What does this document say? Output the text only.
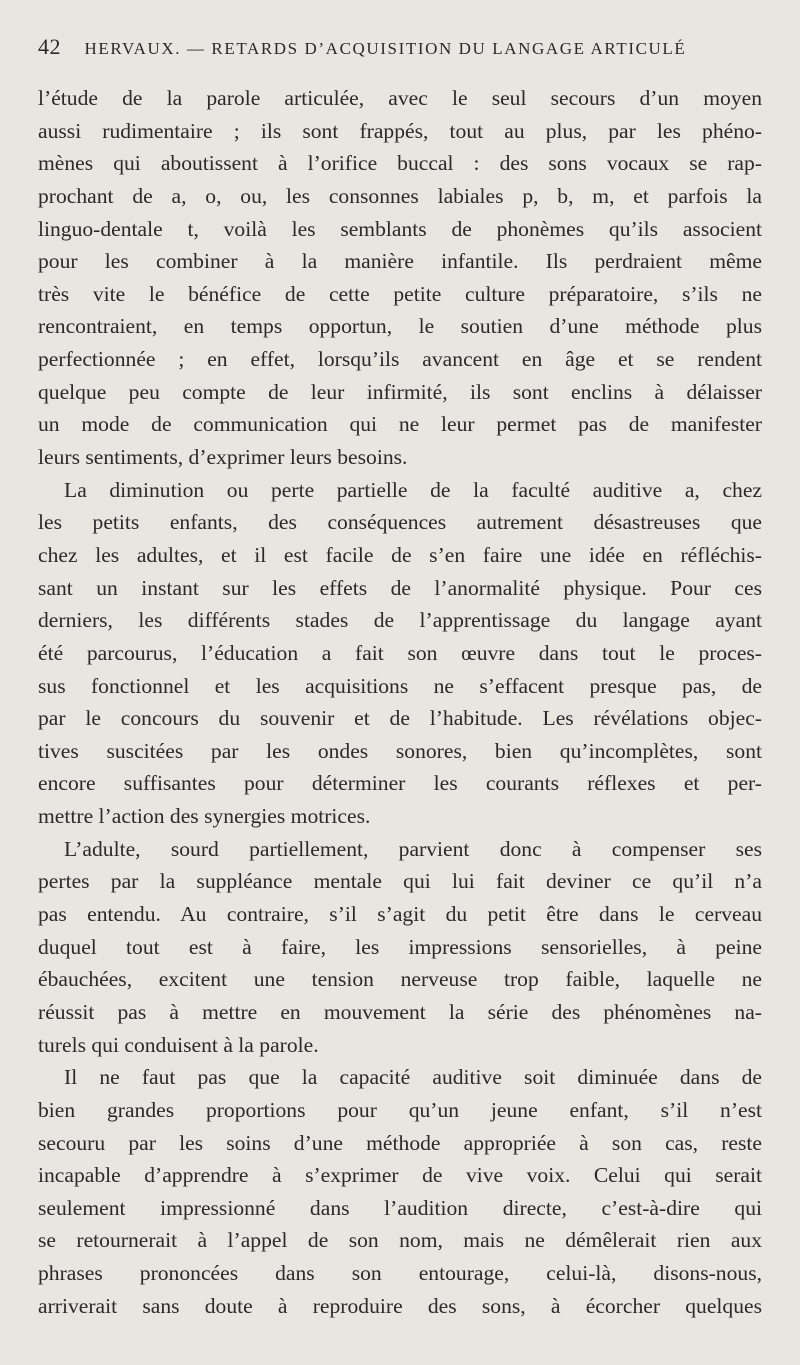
42 HERVAUX. — RETARDS D’ACQUISITION DU LANGAGE ARTICULÉ
l’étude de la parole articulée, avec le seul secours d’un moyen
aussi rudimentaire ; ils sont frappés, tout au plus, par les phéno-
mènes qui aboutissent à l’orifice buccal : des sons vocaux se rap-
prochant de a, o, ou, les consonnes labiales p, b, m, et parfois la
linguo-dentale t, voilà les semblants de phonèmes qu’ils associent
pour les combiner à la manière infantile. Ils perdraient même
très vite le bénéfice de cette petite culture préparatoire, s’ils ne
rencontraient, en temps opportun, le soutien d’une méthode plus
perfectionnée ; en effet, lorsqu’ils avancent en âge et se rendent
quelque peu compte de leur infirmité, ils sont enclins à délaisser
un mode de communication qui ne leur permet pas de manifester
leurs sentiments, d’exprimer leurs besoins.
La diminution ou perte partielle de la faculté auditive a, chez
les petits enfants, des conséquences autrement désastreuses que
chez les adultes, et il est facile de s’en faire une idée en réfléchis-
sant un instant sur les effets de l’anormalité physique. Pour ces
derniers, les différents stades de l’apprentissage du langage ayant
été parcourus, l’éducation a fait son œuvre dans tout le proces-
sus fonctionnel et les acquisitions ne s’effacent presque pas, de
par le concours du souvenir et de l’habitude. Les révélations objec-
tives suscitées par les ondes sonores, bien qu’incomplètes, sont
encore suffisantes pour déterminer les courants réflexes et per-
mettre l’action des synergies motrices.
L’adulte, sourd partiellement, parvient donc à compenser ses
pertes par la suppléance mentale qui lui fait deviner ce qu’il n’a
pas entendu. Au contraire, s’il s’agit du petit être dans le cerveau
duquel tout est à faire, les impressions sensorielles, à peine
ébauchées, excitent une tension nerveuse trop faible, laquelle ne
réussit pas à mettre en mouvement la série des phénomènes na-
turels qui conduisent à la parole.
Il ne faut pas que la capacité auditive soit diminuée dans de
bien grandes proportions pour qu’un jeune enfant, s’il n’est
secouru par les soins d’une méthode appropriée à son cas, reste
incapable d’apprendre à s’exprimer de vive voix. Celui qui serait
seulement impressionné dans l’audition directe, c’est-à-dire qui
se retournerait à l’appel de son nom, mais ne démêlerait rien aux
phrases prononcées dans son entourage, celui-là, disons-nous,
arriverait sans doute à reproduire des sons, à écorcher quelques
